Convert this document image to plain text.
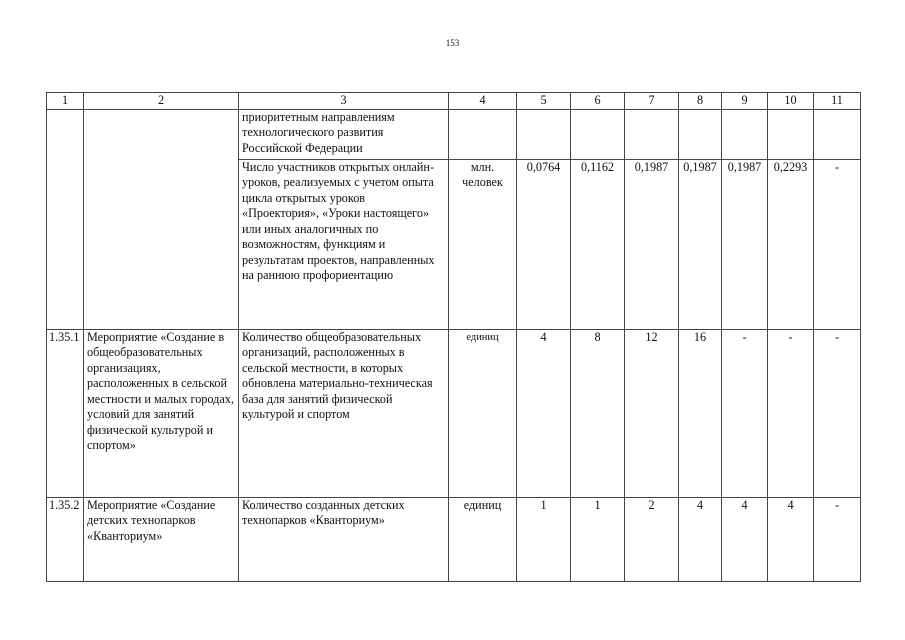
153
1	2	3	4	5	6	7	8	9	10	11
		приоритетным направлениям технологического развития Российской Федерации								
		Число участников открытых онлайн-уроков, реализуемых с учетом опыта цикла открытых уроков «Проектория», «Уроки настоящего» или иных аналогичных по возможностям, функциям и результатам проектов, направленных на раннюю профориентацию	млн. человек	0,0764	0,1162	0,1987	0,1987	0,1987	0,2293	-
1.35.1	Мероприятие «Создание в общеобразовательных организациях, расположенных в сельской местности и малых городах, условий для занятий физической культурой и спортом»	Количество общеобразовательных организаций, расположенных в сельской местности, в которых обновлена материально-техническая база для занятий физической культурой и спортом	единиц	4	8	12	16	-	-	-
1.35.2	Мероприятие «Создание детских технопарков «Кванториум»	Количество созданных детских технопарков «Кванториум»	единиц	1	1	2	4	4	4	-
